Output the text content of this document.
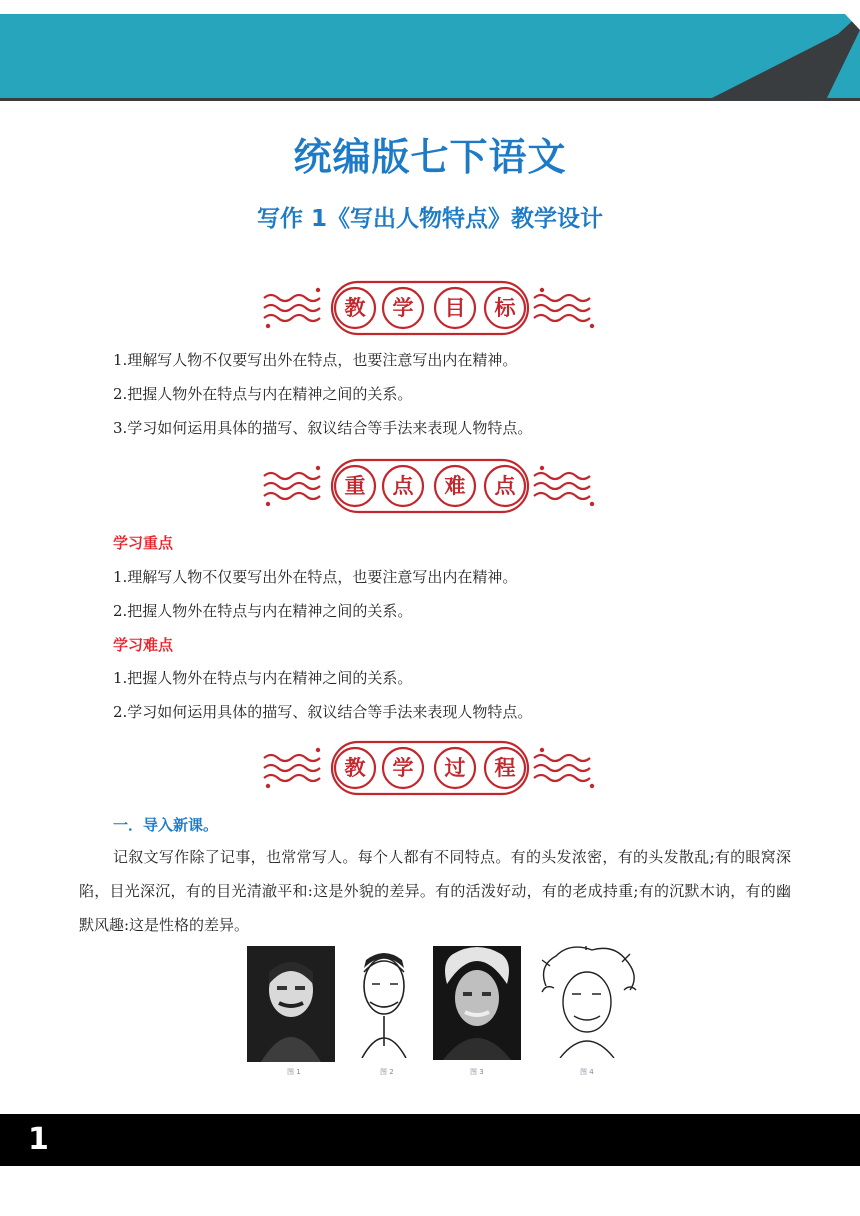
统编版七下语文
写作 1《写出人物特点》教学设计
教	学	目	标
1.理解写人物不仅要写出外在特点，也要注意写出内在精神。
2.把握人物外在特点与内在精神之间的关系。
3.学习如何运用具体的描写、叙议结合等手法来表现人物特点。
重	点	难	点
学习重点
1.理解写人物不仅要写出外在特点，也要注意写出内在精神。
2.把握人物外在特点与内在精神之间的关系。
学习难点
1.把握人物外在特点与内在精神之间的关系。
2.学习如何运用具体的描写、叙议结合等手法来表现人物特点。
教	学	过	程
一．导入新课。
记叙文写作除了记事，也常常写人。每个人都有不同特点。有的头发浓密，有的头发散乱;有的眼窝深陷，目光深沉，有的目光清澈平和:这是外貌的差异。有的活泼好动，有的老成持重;有的沉默木讷，有的幽默风趣:这是性格的差异。
图 1	图 2	图 3	图 4
1
